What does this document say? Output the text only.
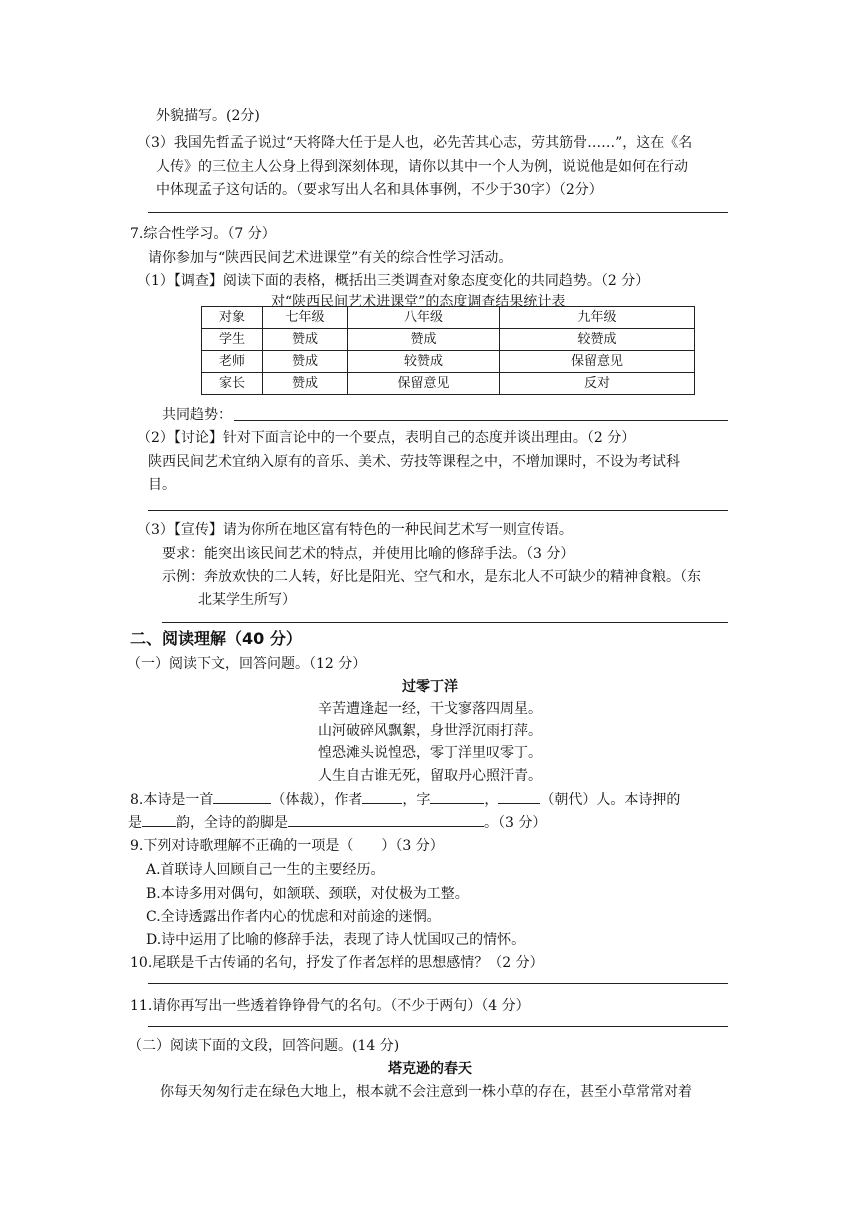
外貌描写。(2分)
（3）我国先哲孟子说过“天将降大任于是人也，必先苦其心志，劳其筋骨……”，这在《名
人传》的三位主人公身上得到深刻体现，请你以其中一个人为例，说说他是如何在行动
中体现孟子这句话的。（要求写出人名和具体事例，不少于30字）（2分）
7.综合性学习。（7 分）
请你参加与“陕西民间艺术进课堂”有关的综合性学习活动。
（1）【调查】阅读下面的表格，概括出三类调查对象态度变化的共同趋势。（2 分）
对“陕西民间艺术进课堂”的态度调查结果统计表
对象	七年级	八年级	九年级
学生	赞成	赞成	较赞成
老师	赞成	较赞成	保留意见
家长	赞成	保留意见	反对
共同趋势：
（2）【讨论】针对下面言论中的一个要点，表明自己的态度并谈出理由。（2 分）
陕西民间艺术宜纳入原有的音乐、美术、劳技等课程之中，不增加课时，不设为考试科
目。
（3）【宣传】请为你所在地区富有特色的一种民间艺术写一则宣传语。
要求：能突出该民间艺术的特点，并使用比喻的修辞手法。（3 分）
示例：奔放欢快的二人转，好比是阳光、空气和水，是东北人不可缺少的精神食粮。（东
北某学生所写）
二、阅读理解（40 分）
（一）阅读下文，回答问题。（12 分）
过零丁洋
辛苦遭逢起一经，干戈寥落四周星。
山河破碎风飘絮，身世浮沉雨打萍。
惶恐滩头说惶恐，零丁洋里叹零丁。
人生自古谁无死，留取丹心照汗青。
8.本诗是一首	（体裁），作者	，字	，	（朝代）人。本诗押的
是 韵，全诗的韵脚是	。（3 分）
9.下列对诗歌理解不正确的一项是（　　）（3 分）
A.首联诗人回顾自己一生的主要经历。
B.本诗多用对偶句，如颔联、颈联，对仗极为工整。
C.全诗透露出作者内心的忧虑和对前途的迷惘。
D.诗中运用了比喻的修辞手法，表现了诗人忧国叹己的情怀。
10.尾联是千古传诵的名句，抒发了作者怎样的思想感情？（2 分）
11.请你再写出一些透着铮铮骨气的名句。（不少于两句）（4 分）
（二）阅读下面的文段，回答问题。(14 分)
塔克逊的春天
你每天匆匆行走在绿色大地上，根本就不会注意到一株小草的存在，甚至小草常常对着
